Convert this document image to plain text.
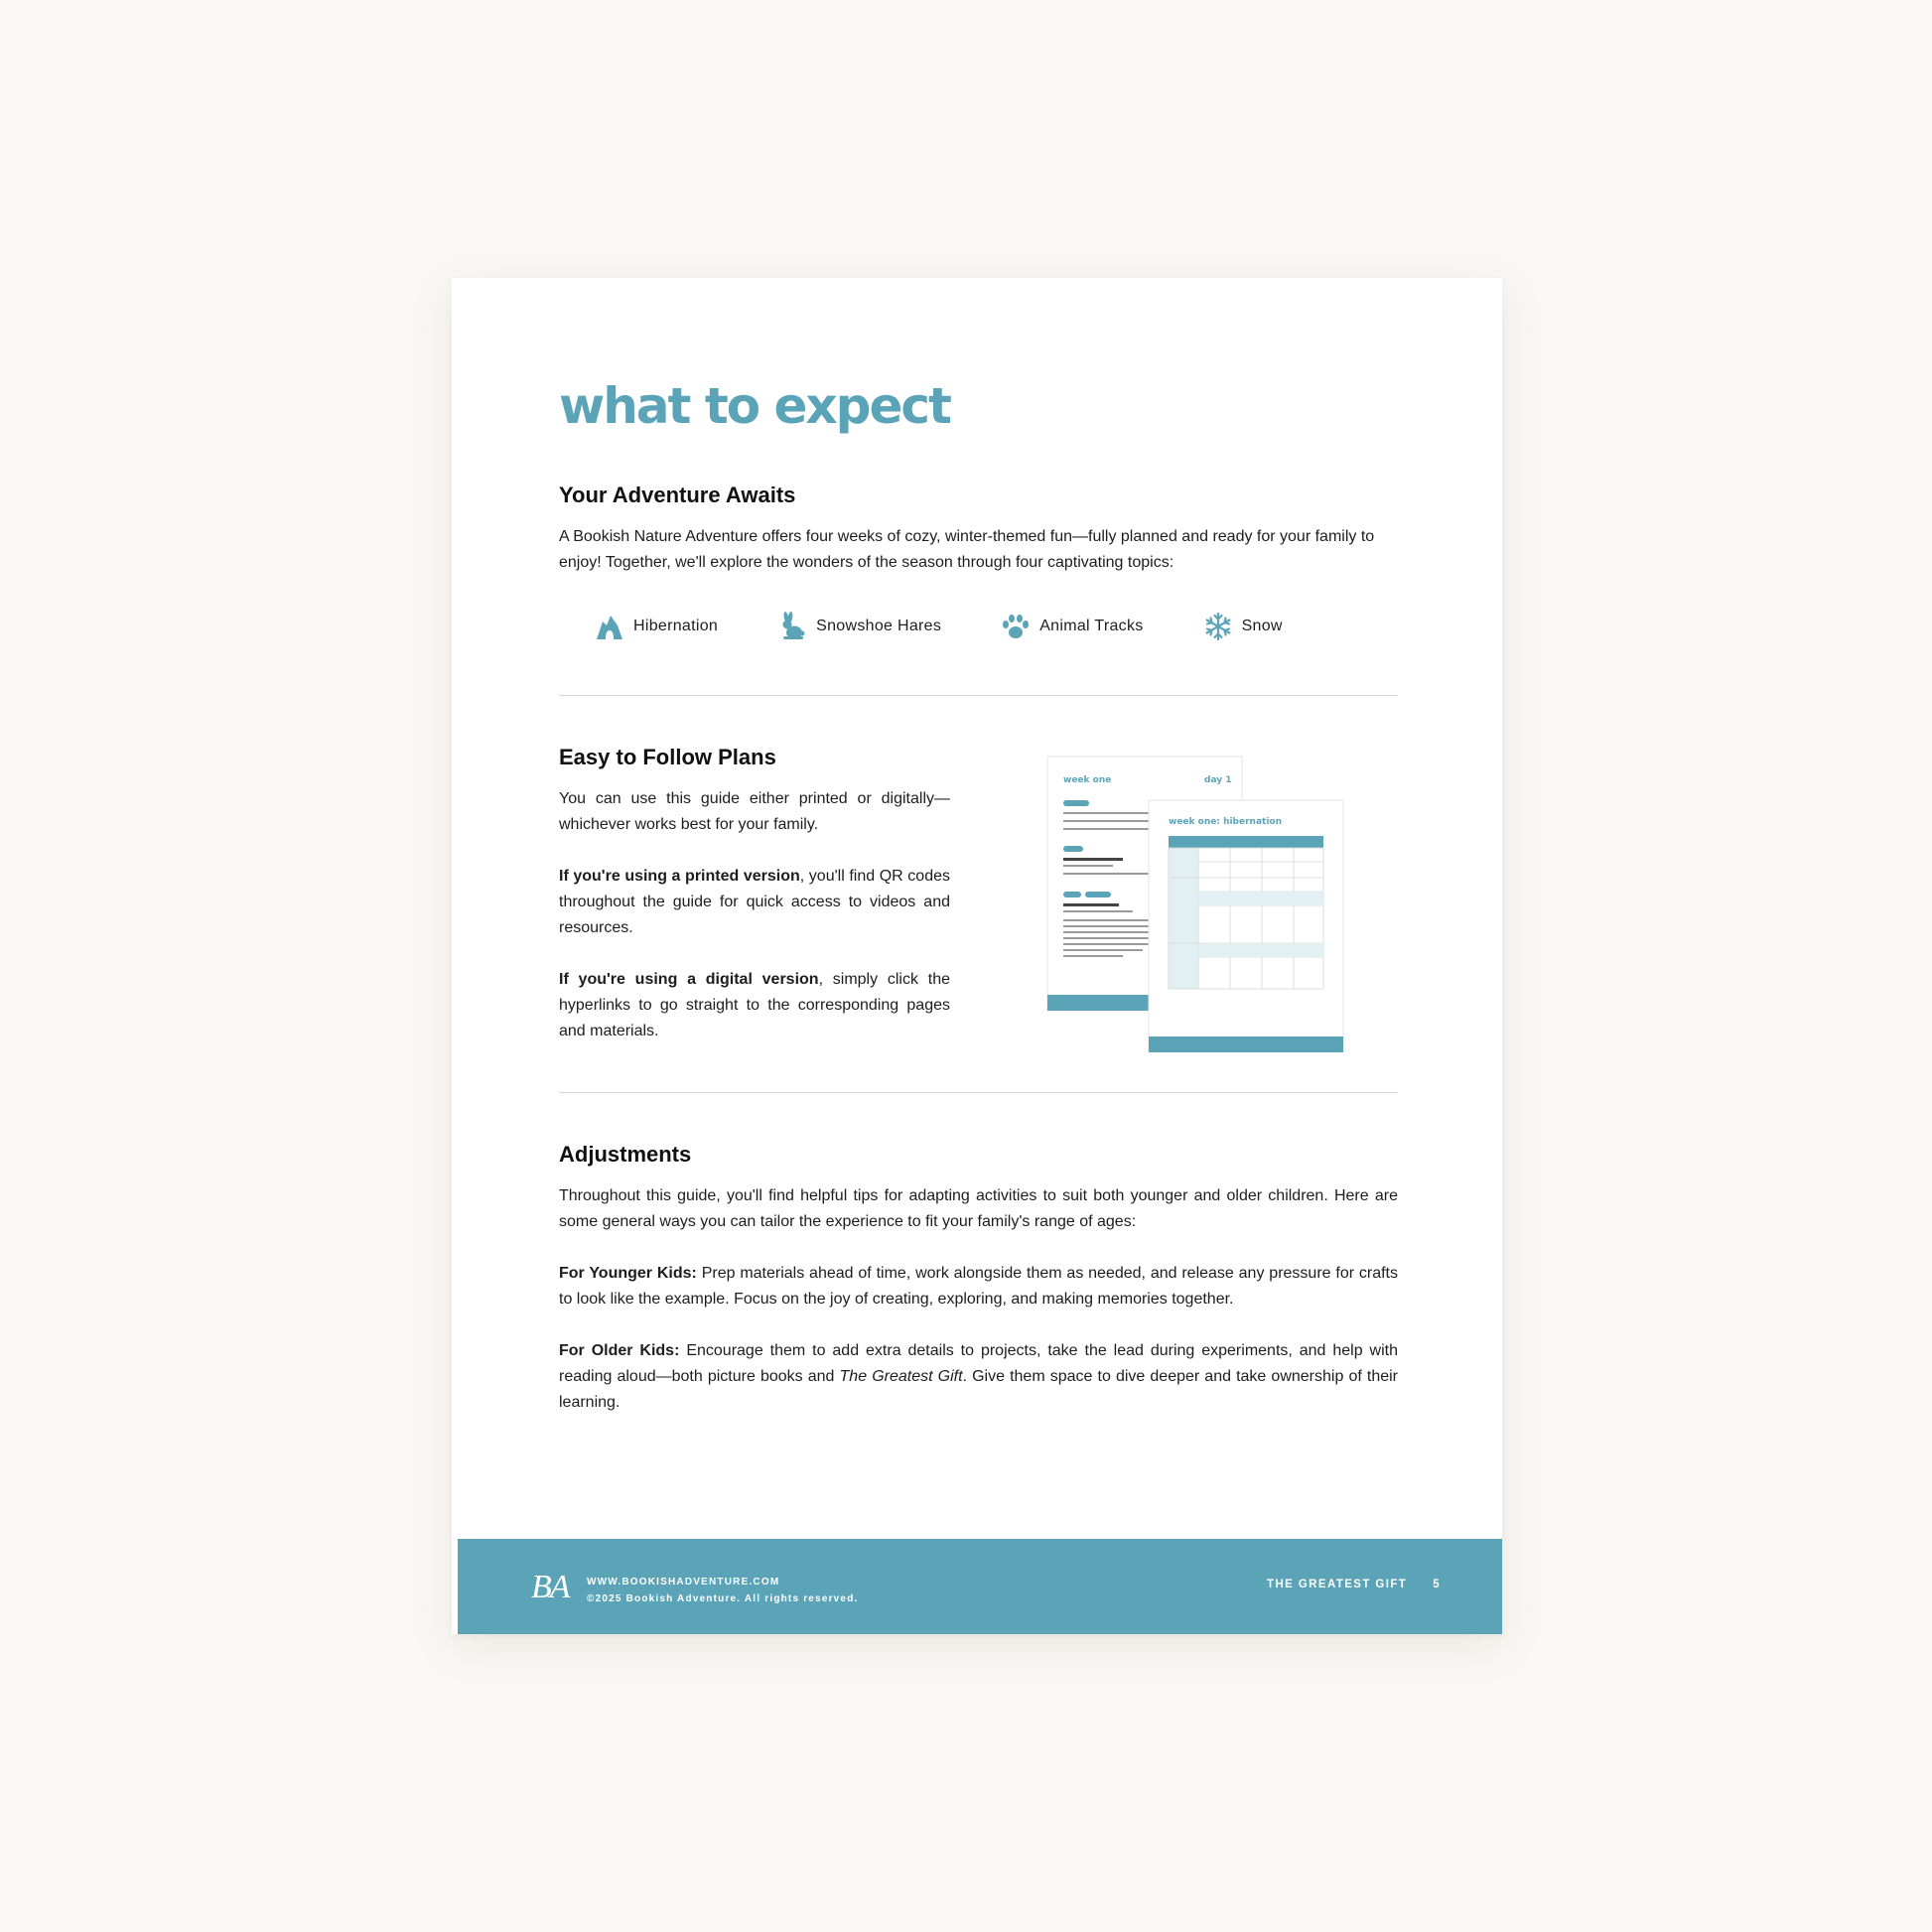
what to expect
Your Adventure Awaits

A Bookish Nature Adventure offers four weeks of cozy, winter-themed fun—fully planned and ready for your family to enjoy! Together, we'll explore the wonders of the season through four captivating topics:

Hibernation	Snowshoe Hares	Animal Tracks	Snow
Easy to Follow Plans

You can use this guide either printed or digitally—whichever works best for your family.

If you're using a printed version, you'll find QR codes throughout the guide for quick access to videos and resources.

If you're using a digital version, simply click the hyperlinks to go straight to the corresponding pages and materials.

week one	day 1
week one: hibernation
Adjustments

Throughout this guide, you'll find helpful tips for adapting activities to suit both younger and older children. Here are some general ways you can tailor the experience to fit your family's range of ages:

For Younger Kids: Prep materials ahead of time, work alongside them as needed, and release any pressure for crafts to look like the example. Focus on the joy of creating, exploring, and making memories together.

For Older Kids: Encourage them to add extra details to projects, take the lead during experiments, and help with reading aloud—both picture books and The Greatest Gift. Give them space to dive deeper and take ownership of their learning.

BA WWW.BOOKISHADVENTURE.COM
©2025 Bookish Adventure. All rights reserved.
THE GREATEST GIFT 5
